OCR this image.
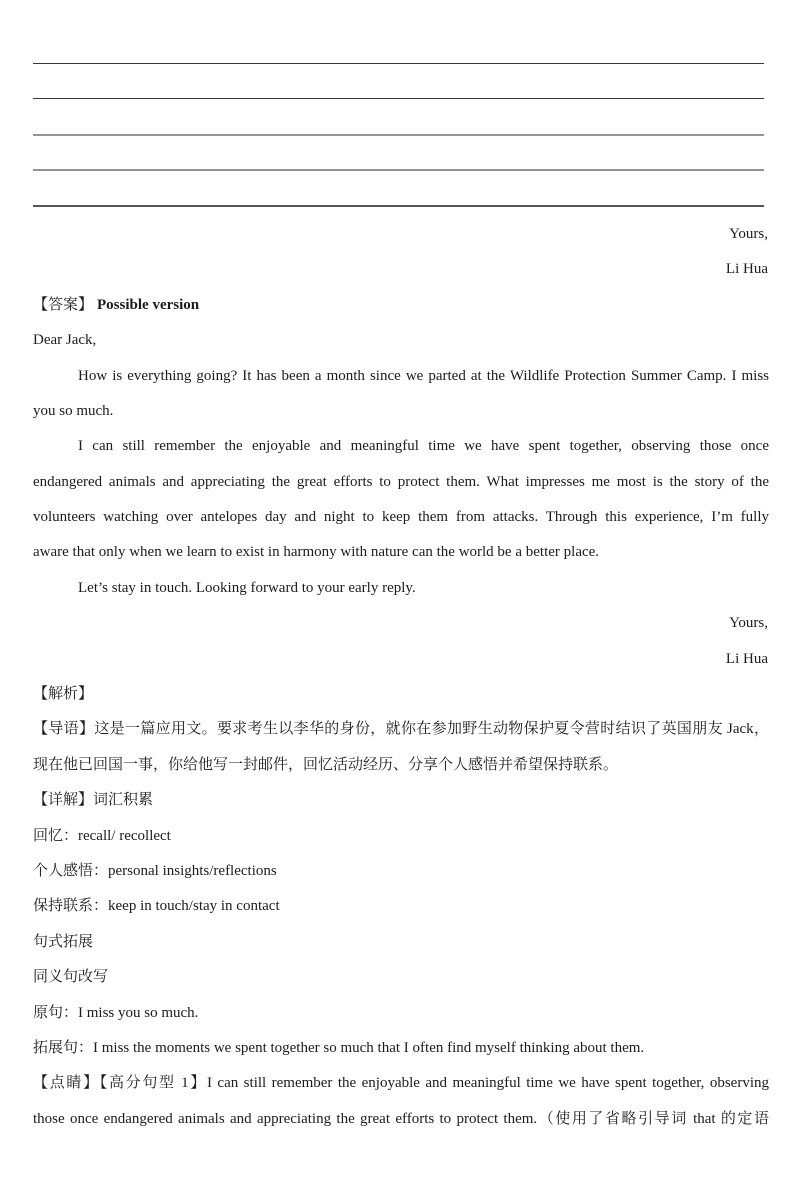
Yours,
Li Hua
【答案】 Possible version
Dear Jack,
How is everything going? It has been a month since we parted at the Wildlife Protection Summer Camp. I miss
you so much.
I can still remember the enjoyable and meaningful time we have spent together, observing those once
endangered animals and appreciating the great efforts to protect them. What impresses me most is the story of the
volunteers watching over antelopes day and night to keep them from attacks. Through this experience, I’m fully
aware that only when we learn to exist in harmony with nature can the world be a better place.
Let’s stay in touch. Looking forward to your early reply.
Yours,
Li Hua
【解析】
【导语】这是一篇应用文。要求考生以李华的身份，就你在参加野生动物保护夏令营时结识了英国朋友 Jack，
现在他已回国一事，你给他写一封邮件，回忆活动经历、分享个人感悟并希望保持联系。
【详解】词汇积累
回忆：recall/ recollect
个人感悟：personal insights/reflections
保持联系：keep in touch/stay in contact
句式拓展
同义句改写
原句：I miss you so much.
拓展句：I miss the moments we spent together so much that I often find myself thinking about them.
【点睛】【高分句型 1】I can still remember the enjoyable and meaningful time we have spent together, observing
those once endangered animals and appreciating the great efforts to protect them.（使用了省略引导词 that 的定语
